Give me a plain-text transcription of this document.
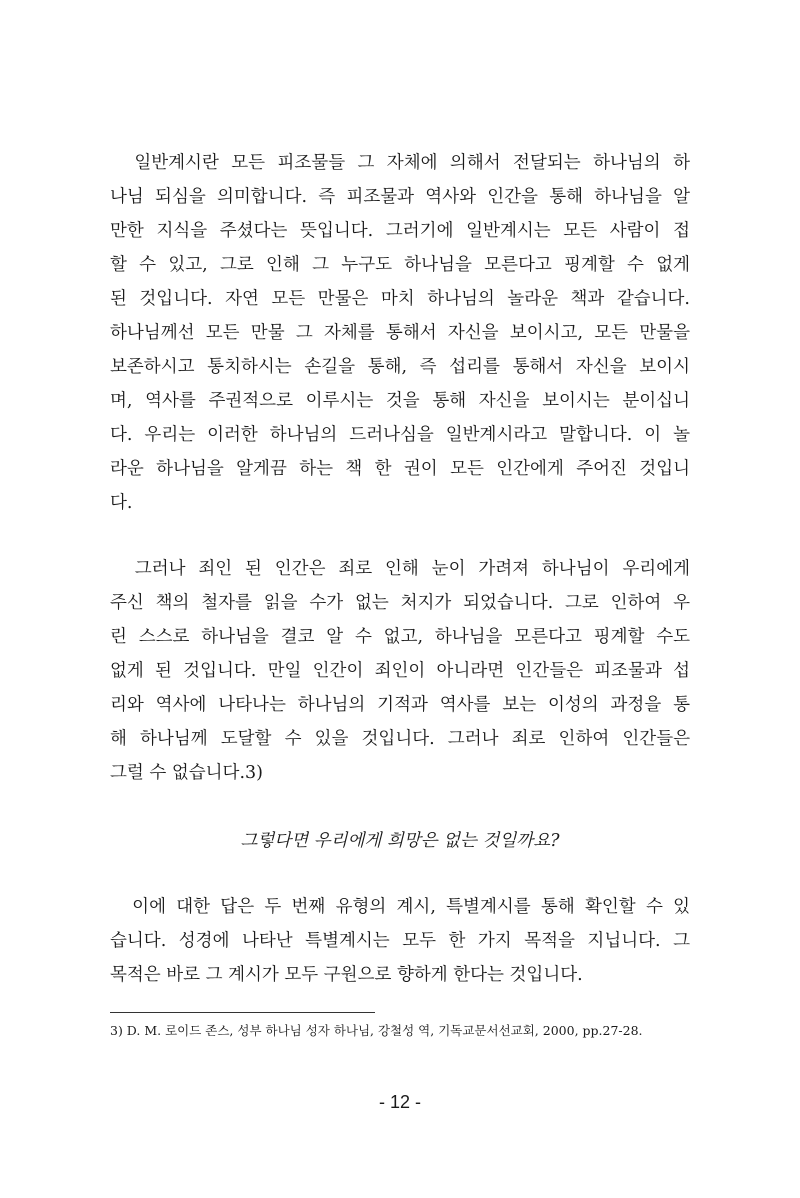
　일반계시란 모든 피조물들 그 자체에 의해서 전달되는 하나님의 하
나님 되심을 의미합니다. 즉 피조물과 역사와 인간을 통해 하나님을 알
만한 지식을 주셨다는 뜻입니다. 그러기에 일반계시는 모든 사람이 접
할 수 있고, 그로 인해 그 누구도 하나님을 모른다고 핑계할 수 없게
된 것입니다. 자연 모든 만물은 마치 하나님의 놀라운 책과 같습니다.
하나님께선 모든 만물 그 자체를 통해서 자신을 보이시고, 모든 만물을
보존하시고 통치하시는 손길을 통해, 즉 섭리를 통해서 자신을 보이시
며, 역사를 주권적으로 이루시는 것을 통해 자신을 보이시는 분이십니
다. 우리는 이러한 하나님의 드러나심을 일반계시라고 말합니다. 이 놀
라운 하나님을 알게끔 하는 책 한 권이 모든 인간에게 주어진 것입니
다.
　그러나 죄인 된 인간은 죄로 인해 눈이 가려져 하나님이 우리에게
주신 책의 철자를 읽을 수가 없는 처지가 되었습니다. 그로 인하여 우
린 스스로 하나님을 결코 알 수 없고, 하나님을 모른다고 핑계할 수도
없게 된 것입니다. 만일 인간이 죄인이 아니라면 인간들은 피조물과 섭
리와 역사에 나타나는 하나님의 기적과 역사를 보는 이성의 과정을 통
해 하나님께 도달할 수 있을 것입니다. 그러나 죄로 인하여 인간들은
그럴 수 없습니다.3)
그렇다면 우리에게 희망은 없는 것일까요?
　이에 대한 답은 두 번째 유형의 계시, 특별계시를 통해 확인할 수 있
습니다. 성경에 나타난 특별계시는 모두 한 가지 목적을 지닙니다. 그
목적은 바로 그 계시가 모두 구원으로 향하게 한다는 것입니다.
3) D. M. 로이드 존스, 성부 하나님 성자 하나님, 강철성 역, 기독교문서선교회, 2000, pp.27-28.
- 12 -
